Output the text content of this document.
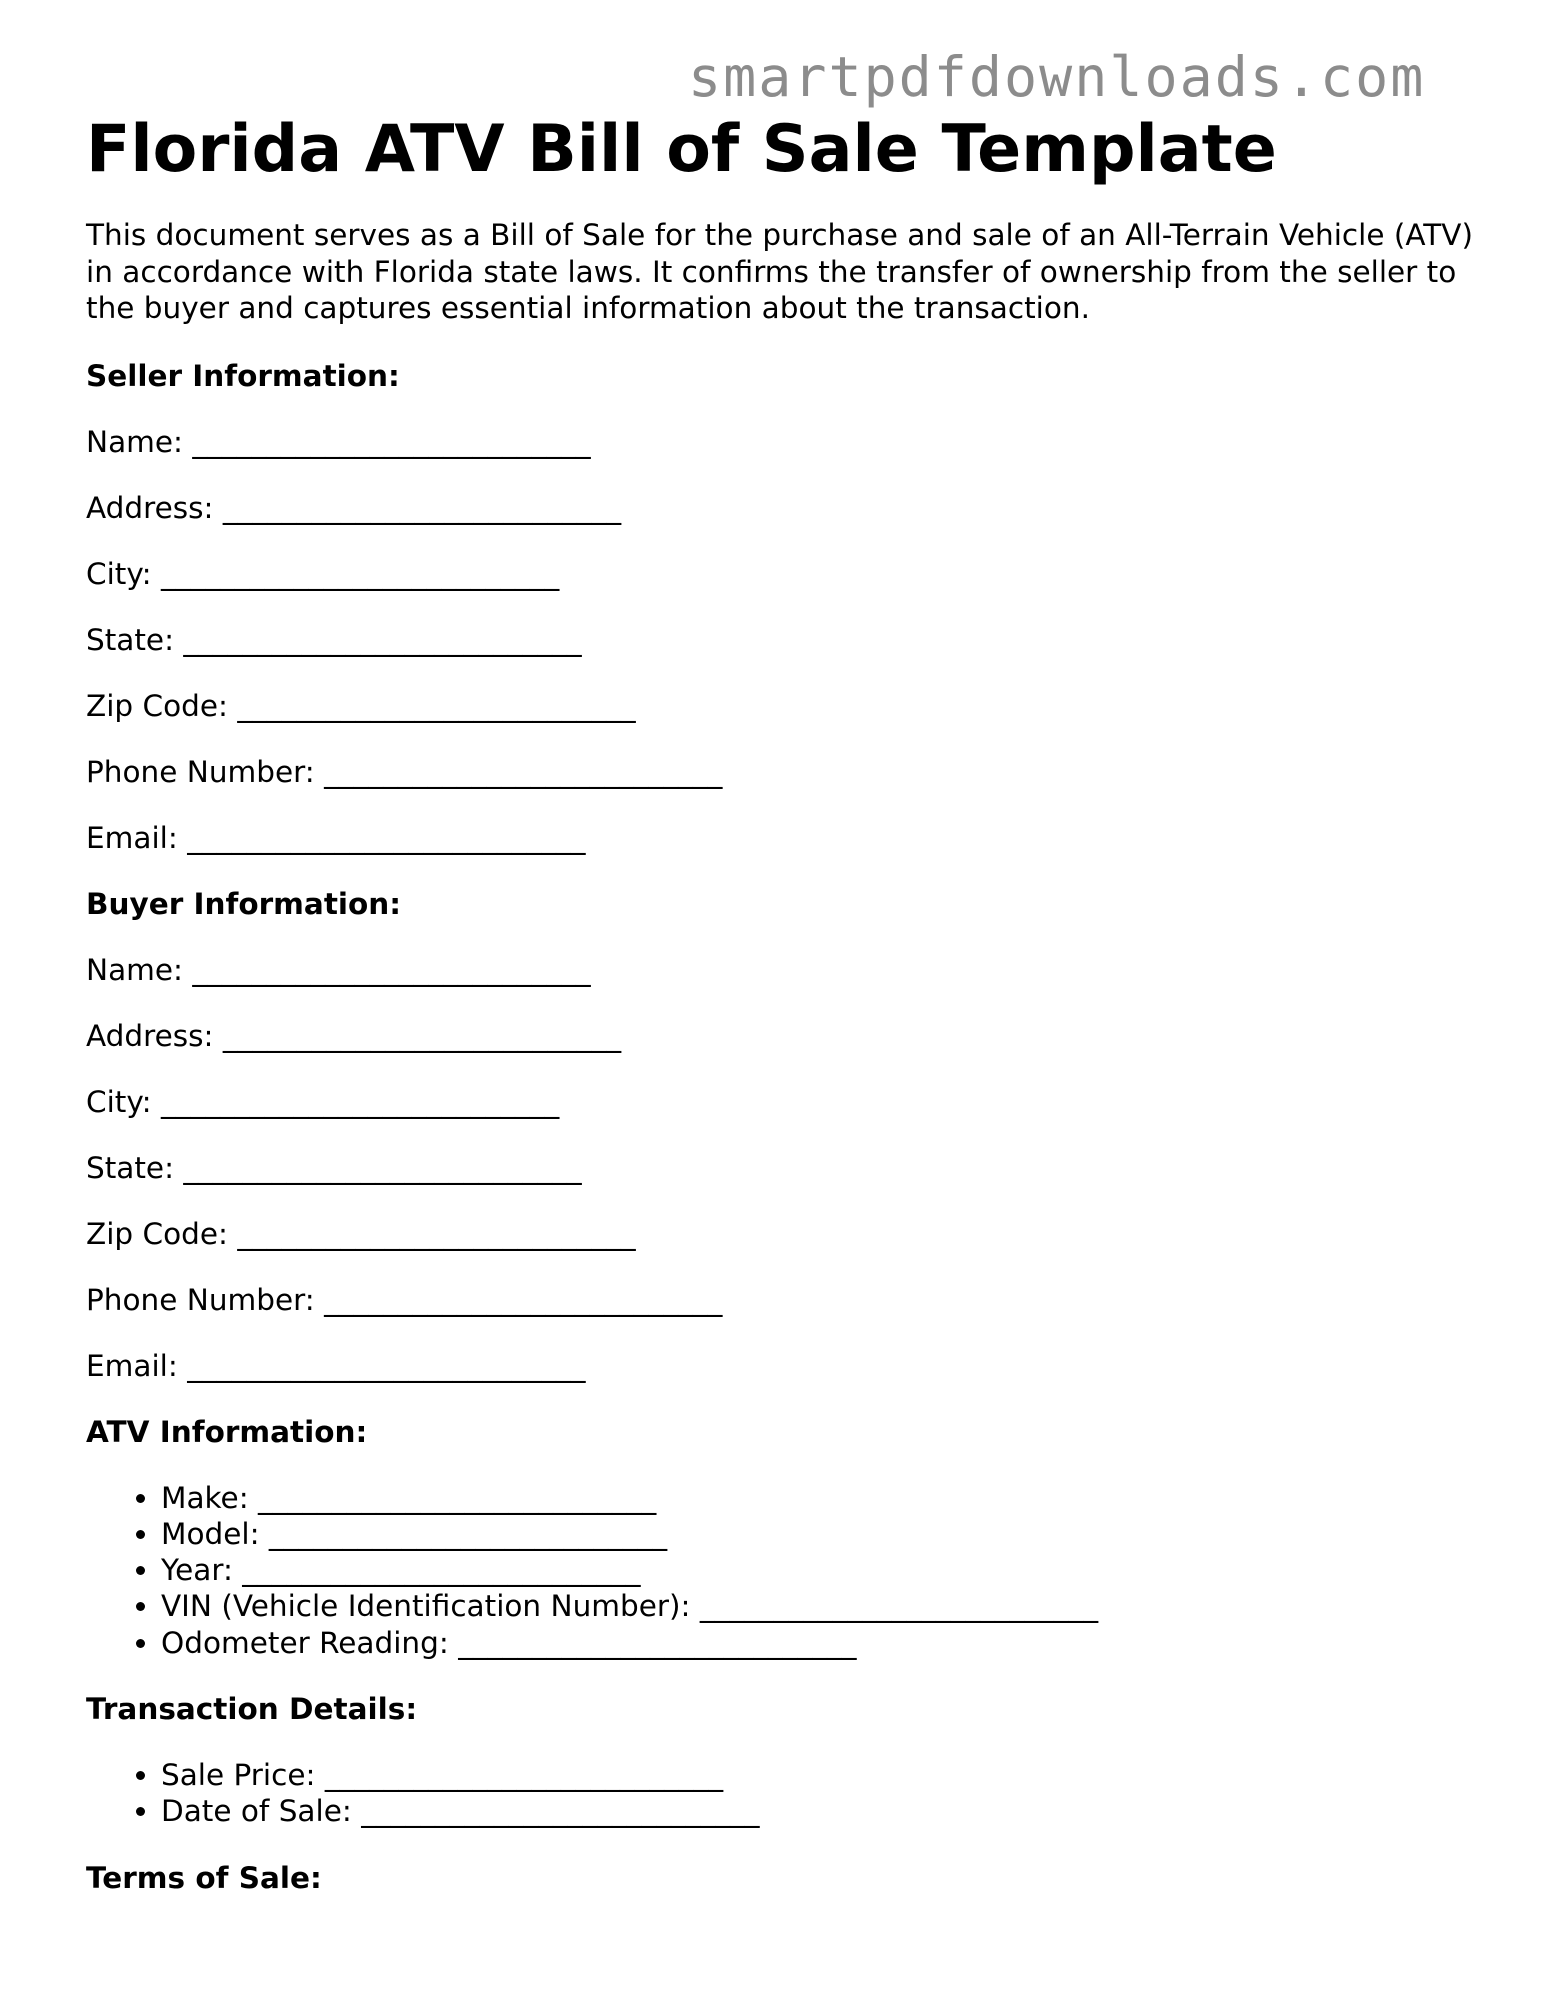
smartpdfdownloads.com
Florida ATV Bill of Sale Template

This document serves as a Bill of Sale for the purchase and sale of an All-Terrain Vehicle (ATV) in accordance with Florida state laws. It confirms the transfer of ownership from the seller to the buyer and captures essential information about the transaction.

Seller Information:
Name: ___________________________
Address: ___________________________
City: ___________________________
State: ___________________________
Zip Code: ___________________________
Phone Number: ___________________________
Email: ___________________________
Buyer Information:
Name: ___________________________
Address: ___________________________
City: ___________________________
State: ___________________________
Zip Code: ___________________________
Phone Number: ___________________________
Email: ___________________________
ATV Information:
• Make: ___________________________
• Model: ___________________________
• Year: ___________________________
• VIN (Vehicle Identification Number): ___________________________
• Odometer Reading: ___________________________
Transaction Details:
• Sale Price: ___________________________
• Date of Sale: ___________________________
Terms of Sale:
